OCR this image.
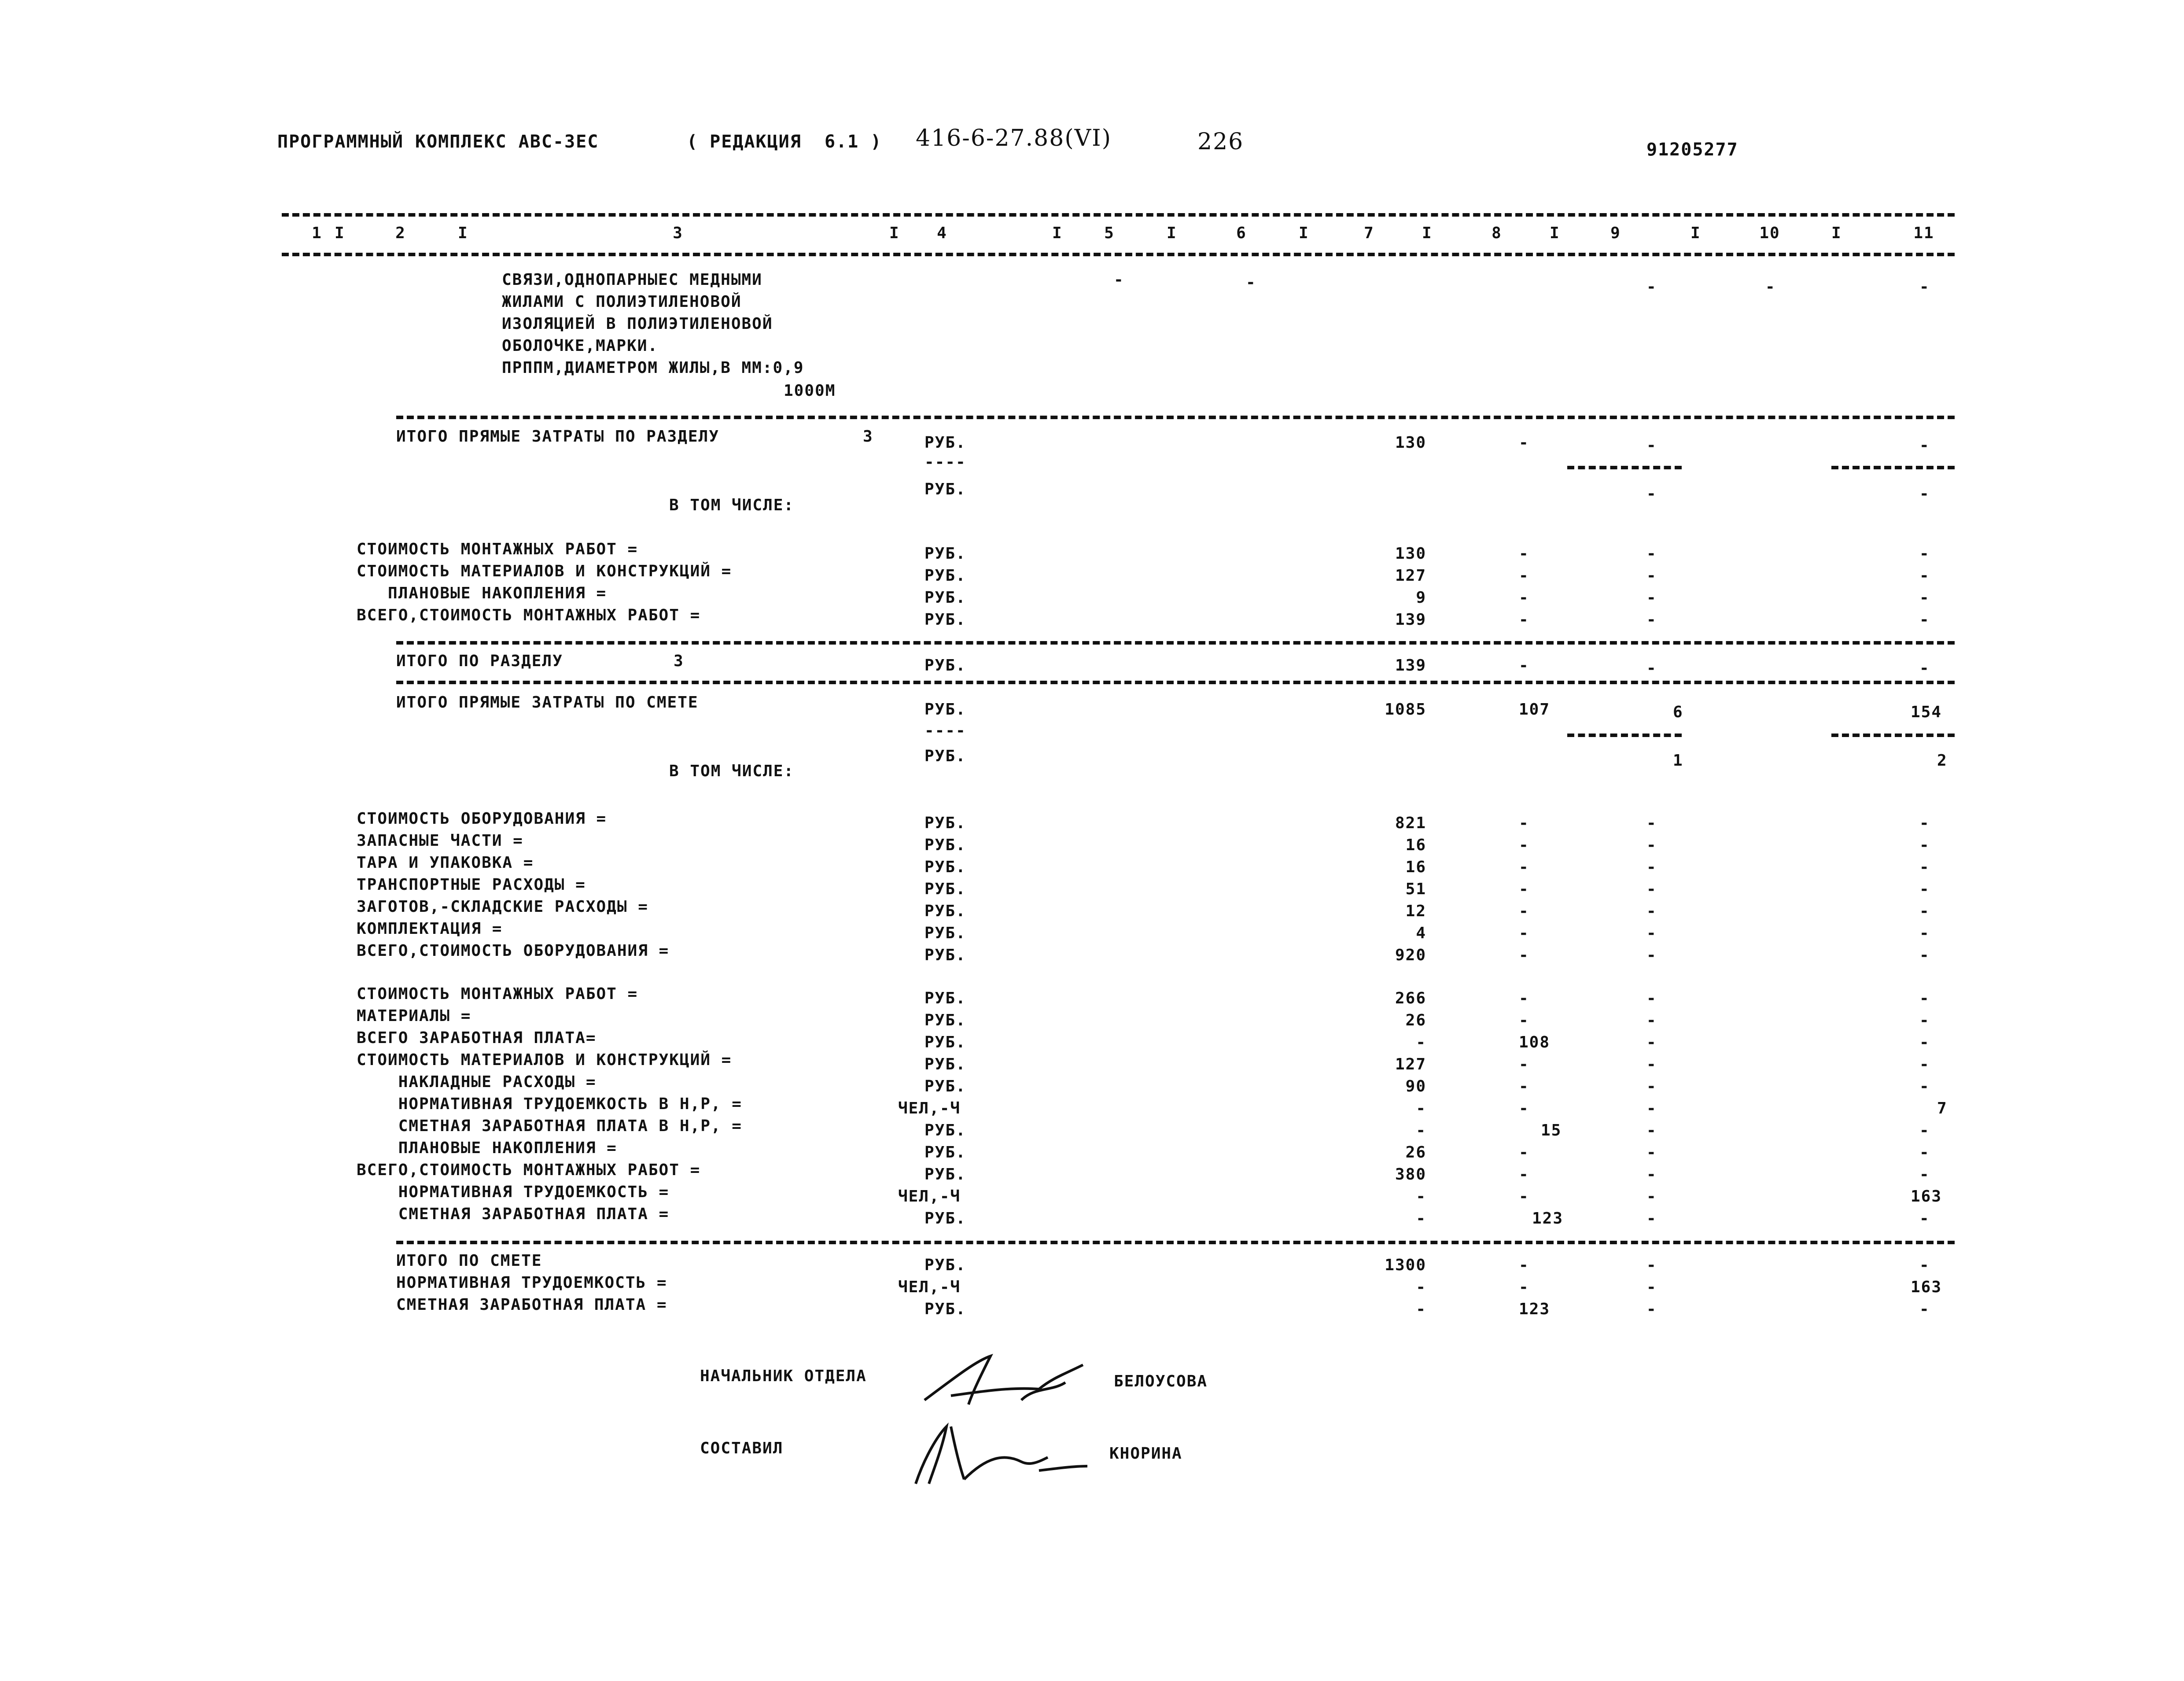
ПРОГРАММНЫЙ КОМПЛЕКС АВС-3ЕС	( РЕДАКЦИЯ  6.1 ) 416-6-27.88(VI)	226	91205277
1	2	3	4	5	6	7	8	9	10	11
I	I	I	I	I	I	I	I	I	I
СВЯЗИ,ОДНОПАРНЫЕС МЕДНЫМИ
ЖИЛАМИ С ПОЛИЭТИЛЕНОВОЙ
ИЗОЛЯЦИЕЙ В ПОЛИЭТИЛЕНОВОЙ
ОБОЛОЧКЕ,МАРКИ.
ПРППМ,ДИАМЕТРОМ ЖИЛЫ,В ММ:0,9
1000М
-	-	-	-	-
ИТОГО ПРЯМЫЕ ЗАТРАТЫ ПО РАЗДЕЛУ	3	РУБ.	130	-	-	-
----
РУБ.	-	-
В ТОМ ЧИСЛЕ:
СТОИМОСТЬ МОНТАЖНЫХ РАБОТ =	РУБ.	130	-	-	-
СТОИМОСТЬ МАТЕРИАЛОВ И КОНСТРУКЦИЙ =	РУБ.	127	-	-	-
ПЛАНОВЫЕ НАКОПЛЕНИЯ =	РУБ.	9	-	-	-
ВСЕГО,СТОИМОСТЬ МОНТАЖНЫХ РАБОТ =	РУБ.	139	-	-	-
ИТОГО ПО РАЗДЕЛУ	3	РУБ.	139	-	-	-
ИТОГО ПРЯМЫЕ ЗАТРАТЫ ПО СМЕТЕ	РУБ.	1085	107	6	154
----
РУБ.	1	2
В ТОМ ЧИСЛЕ:
СТОИМОСТЬ ОБОРУДОВАНИЯ =	РУБ.	821	-	-	-
ЗАПАСНЫЕ ЧАСТИ =	РУБ.	16	-	-	-
ТАРА И УПАКОВКА =	РУБ.	16	-	-	-
ТРАНСПОРТНЫЕ РАСХОДЫ =	РУБ.	51	-	-	-
ЗАГОТОВ,-СКЛАДСКИЕ РАСХОДЫ =	РУБ.	12	-	-	-
КОМПЛЕКТАЦИЯ =	РУБ.	4	-	-	-
ВСЕГО,СТОИМОСТЬ ОБОРУДОВАНИЯ =	РУБ.	920	-	-	-
СТОИМОСТЬ МОНТАЖНЫХ РАБОТ =	РУБ.	266	-	-	-
МАТЕРИАЛЫ =	РУБ.	26	-	-	-
ВСЕГО ЗАРАБОТНАЯ ПЛАТА=	РУБ.	-	108	-	-
СТОИМОСТЬ МАТЕРИАЛОВ И КОНСТРУКЦИЙ =	РУБ.	127	-	-	-
НАКЛАДНЫЕ РАСХОДЫ =	РУБ.	90	-	-	-
НОРМАТИВНАЯ ТРУДОЕМКОСТЬ В Н,Р, =	ЧЕЛ,-Ч	-	-	-	7
СМЕТНАЯ ЗАРАБОТНАЯ ПЛАТА В Н,Р, =	РУБ.	-	15	-	-
ПЛАНОВЫЕ НАКОПЛЕНИЯ =	РУБ.	26	-	-	-
ВСЕГО,СТОИМОСТЬ МОНТАЖНЫХ РАБОТ =	РУБ.	380	-	-	-
НОРМАТИВНАЯ ТРУДОЕМКОСТЬ =	ЧЕЛ,-Ч	-	-	-	163
СМЕТНАЯ ЗАРАБОТНАЯ ПЛАТА =	РУБ.	-	123	-	-
ИТОГО ПО СМЕТЕ	РУБ.	1300	-	-	-
НОРМАТИВНАЯ ТРУДОЕМКОСТЬ =	ЧЕЛ,-Ч	-	-	-	163
СМЕТНАЯ ЗАРАБОТНАЯ ПЛАТА =	РУБ.	-	123	-	-
НАЧАЛЬНИК ОТДЕЛА	БЕЛОУСОВА
СОСТАВИЛ	КНОРИНА
